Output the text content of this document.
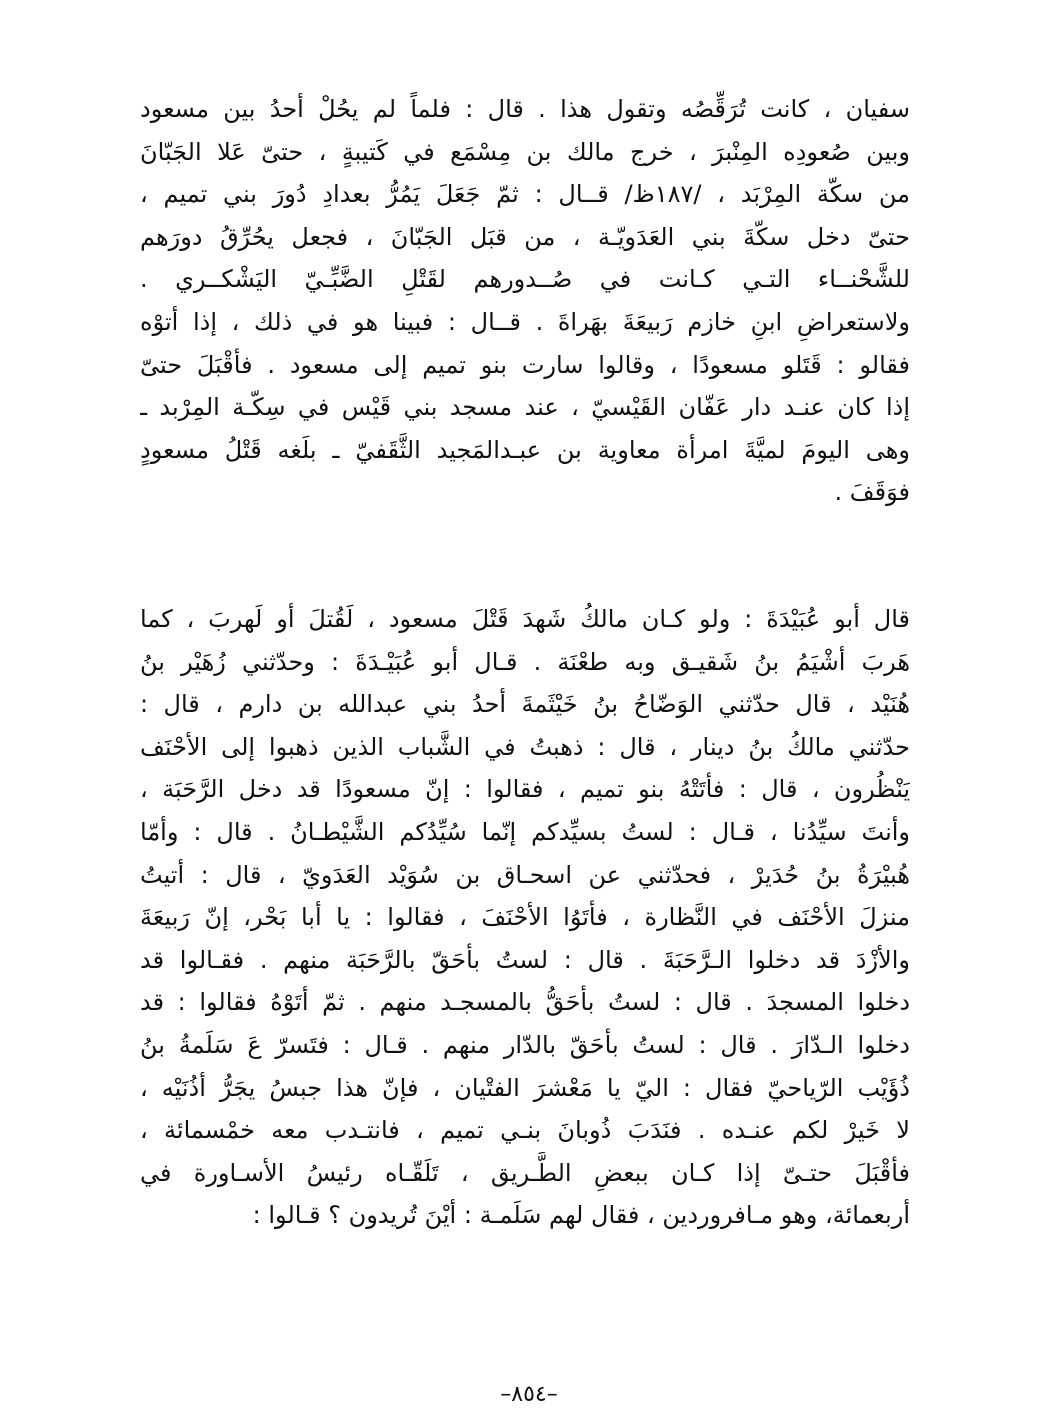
سفيان ، كانت تُرَقِّصُه وتقول هذا . قال : فلماً لم يحُلْ أحدُ بين مسعود
وبين صُعودِه المِنْبرَ ، خرج مالك بن مِسْمَع في كَتيبةٍ ، حتىّ عَلا الجَبّانَ
من سكّة المِرْبَد ، /١٨٧ظ/ قــال : ثمّ جَعَلَ يَمُرُّ بعدادِ دُورَ بني تميم ،
حتىّ دخل سكّةَ بني العَدَويّـة ، من قبَل الجَبّانَ ، فجعل يحُرِّقُ دورَهم
للشَّحْنــاء التـي كـانت في صُــدورهم لقَتْلِ الضَّبِّـيّ اليَشْكــري .
ولاستعراضِ ابنِ خازم رَبيعَةَ بهَراةَ . قــال : فبينا هو في ذلك ، إذا أتوْه
فقالو : قَتَلو مسعودًا ، وقالوا سارت بنو تميم إلى مسعود . فأقْبَلَ حتىّ
إذا كان عنـد دار عَفّان القَيْسيّ ، عند مسجد بني قَيْس في سِكّـة المِرْبد ـ
وهى اليومَ لميَّةَ امرأة معاوية بن عبـدالمَجيد الثَّقَفيّ ـ بلَغه قَتْلُ مسعودٍ
فوَقَفَ .
قال أبو عُبَيْدَةَ : ولو كـان مالكُ شَهدَ قَتْلَ مسعود ، لَقُتلَ أو لَهربَ ، كما
هَربَ أشْيَمُ بنُ شَقيـق وبه طعْنَة . قـال أبو عُبَيْـدَةَ : وحدّثني زُهَيْر بنُ
هُنَيْد ، قال حدّثني الوَضّاحُ بنُ خَيْثَمةَ أحدُ بني عبدالله بن دارم ، قال :
حدّثني مالكُ بنُ دينار ، قال : ذهبتُ في الشَّباب الذين ذهبوا إلى الأحْنَف
يَنْظُرون ، قال : فأتَتْهُ بنو تميم ، فقالوا : إنّ مسعودًا قد دخل الرَّحَبَة ،
وأنتَ سيِّدُنا ، قـال : لستُ بسيِّدكم إنّما سُيِّدُكم الشَّيْطـانُ . قال : وأمّا
هُبيْرَةُ بنُ حُدَيرْ ، فحدّثني عن اسحـاق بن سُوَيْد العَدَويّ ، قال : أتيتُ
منزلَ الأحْنَف في النَّظارة ، فأتَوُا الأحْنَفَ ، فقالوا : يا أبا بَحْر، إنّ رَبيعَةَ
والأزْدَ قد دخلوا الـرَّحَبَةَ . قال : لستُ بأحَقّ بالرَّحَبَة منهم . فقـالوا قد
دخلوا المسجدَ . قال : لستُ بأحَقُّ بالمسجـد منهم . ثمّ أتَوْهُ فقالوا : قد
دخلوا الـدّارَ . قال : لستُ بأحَقّ بالدّار منهم . قـال : فتَسرّ عَ سَلَمةُ بنُ
ذُؤَيْب الرّياحيّ فقال : اليّ يا مَعْشرَ الفتْيان ، فإنّ هذا جبسُ يجَرُّ أذُنَيْه ،
لا خَيرْ لكم عنـده . فنَدَبَ ذُوبانَ بنـي تميم ، فانتـدب معه خمْسمائة ،
فأقْبَلَ حتـىّ إذا كـان ببعضِ الطَّـريق ، تَلَقّـاه رئيسُ الأسـاورة في
أربعمائة، وهو مـافروردين ، فقال لهم سَلَمـة : أيْنَ تُريدون ؟ قـالوا :
–٨٥٤–
